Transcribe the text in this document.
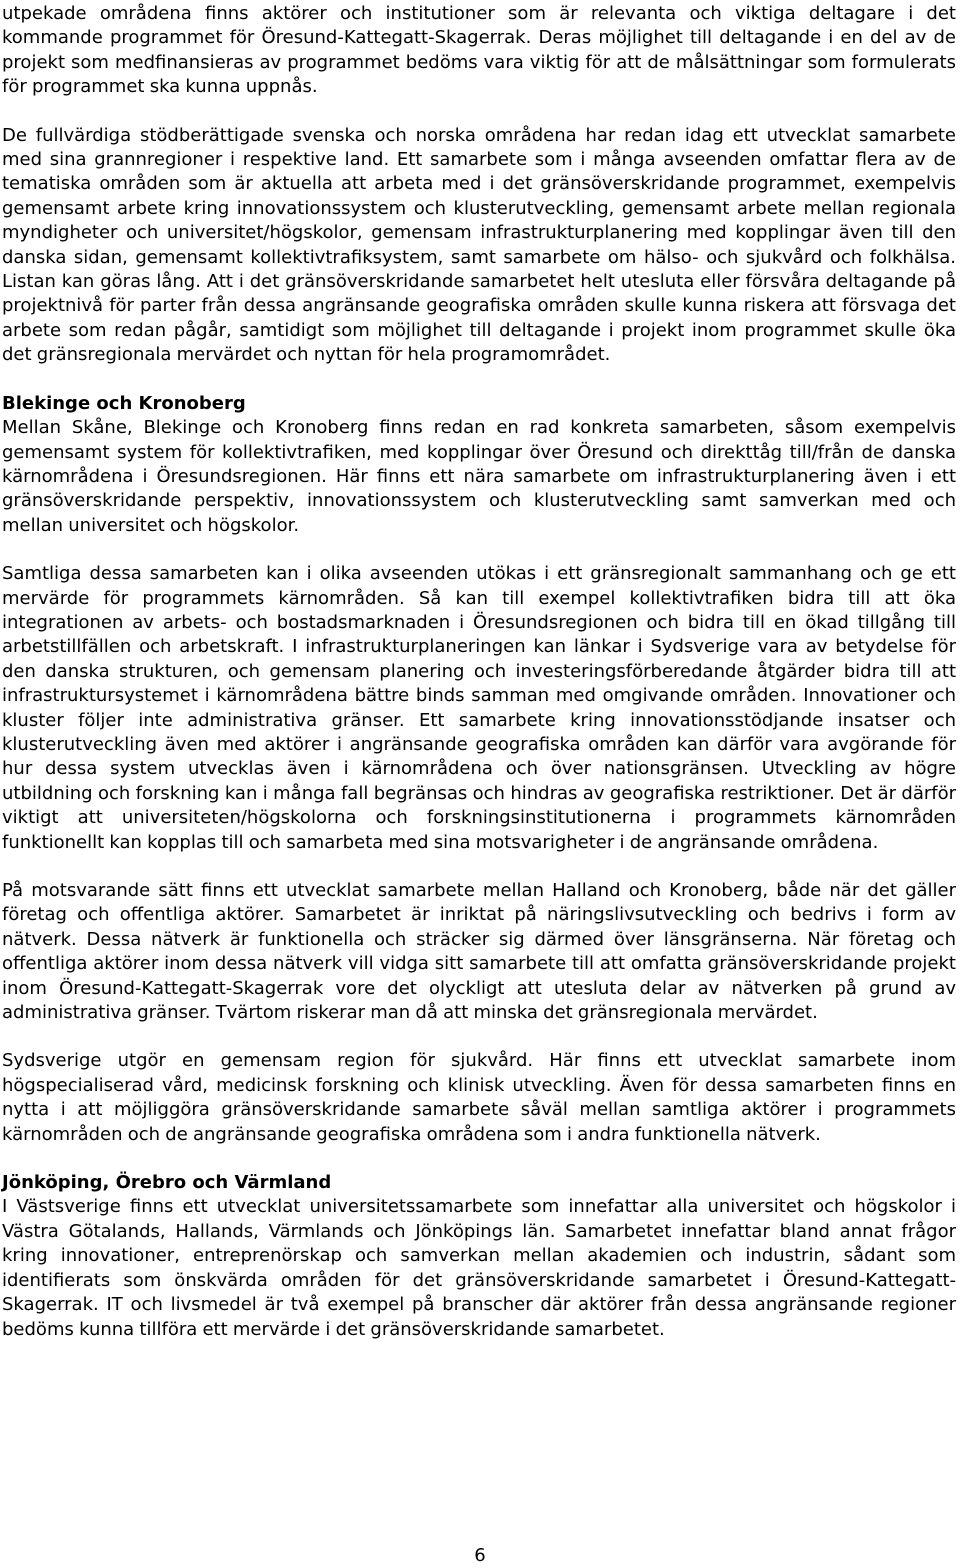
utpekade områdena finns aktörer och institutioner som är relevanta och viktiga deltagare i det kommande programmet för Öresund-Kattegatt-Skagerrak. Deras möjlighet till deltagande i en del av de projekt som medfinansieras av programmet bedöms vara viktig för att de målsättningar som formulerats för programmet ska kunna uppnås.

De fullvärdiga stödberättigade svenska och norska områdena har redan idag ett utvecklat samarbete med sina grannregioner i respektive land. Ett samarbete som i många avseenden omfattar flera av de tematiska områden som är aktuella att arbeta med i det gränsöverskridande programmet, exempelvis gemensamt arbete kring innovationssystem och klusterutveckling, gemensamt arbete mellan regionala myndigheter och universitet/högskolor, gemensam infrastrukturplanering med kopplingar även till den danska sidan, gemensamt kollektivtrafiksystem, samt samarbete om hälso- och sjukvård och folkhälsa. Listan kan göras lång. Att i det gränsöverskridande samarbetet helt utesluta eller försvåra deltagande på projektnivå för parter från dessa angränsande geografiska områden skulle kunna riskera att försvaga det arbete som redan pågår, samtidigt som möjlighet till deltagande i projekt inom programmet skulle öka det gränsregionala mervärdet och nyttan för hela programområdet.

Blekinge och Kronoberg

Mellan Skåne, Blekinge och Kronoberg finns redan en rad konkreta samarbeten, såsom exempelvis gemensamt system för kollektivtrafiken, med kopplingar över Öresund och direkttåg till/från de danska kärnområdena i Öresundsregionen. Här finns ett nära samarbete om infrastrukturplanering även i ett gränsöverskridande perspektiv, innovationssystem och klusterutveckling samt samverkan med och mellan universitet och högskolor.

Samtliga dessa samarbeten kan i olika avseenden utökas i ett gränsregionalt sammanhang och ge ett mervärde för programmets kärnområden. Så kan till exempel kollektivtrafiken bidra till att öka integrationen av arbets- och bostadsmarknaden i Öresundsregionen och bidra till en ökad tillgång till arbetstillfällen och arbetskraft. I infrastrukturplaneringen kan länkar i Sydsverige vara av betydelse för den danska strukturen, och gemensam planering och investeringsförberedande åtgärder bidra till att infrastruktursystemet i kärnområdena bättre binds samman med omgivande områden. Innovationer och kluster följer inte administrativa gränser. Ett samarbete kring innovationsstödjande insatser och klusterutveckling även med aktörer i angränsande geografiska områden kan därför vara avgörande för hur dessa system utvecklas även i kärnområdena och över nationsgränsen. Utveckling av högre utbildning och forskning kan i många fall begränsas och hindras av geografiska restriktioner. Det är därför viktigt att universiteten/högskolorna och forskningsinstitutionerna i programmets kärnområden funktionellt kan kopplas till och samarbeta med sina motsvarigheter i de angränsande områdena.

På motsvarande sätt finns ett utvecklat samarbete mellan Halland och Kronoberg, både när det gäller företag och offentliga aktörer. Samarbetet är inriktat på näringslivsutveckling och bedrivs i form av nätverk. Dessa nätverk är funktionella och sträcker sig därmed över länsgränserna. När företag och offentliga aktörer inom dessa nätverk vill vidga sitt samarbete till att omfatta gränsöverskridande projekt inom Öresund-Kattegatt-Skagerrak vore det olyckligt att utesluta delar av nätverken på grund av administrativa gränser. Tvärtom riskerar man då att minska det gränsregionala mervärdet.

Sydsverige utgör en gemensam region för sjukvård. Här finns ett utvecklat samarbete inom högspecialiserad vård, medicinsk forskning och klinisk utveckling. Även för dessa samarbeten finns en nytta i att möjliggöra gränsöverskridande samarbete såväl mellan samtliga aktörer i programmets kärnområden och de angränsande geografiska områdena som i andra funktionella nätverk.

Jönköping, Örebro och Värmland

I Västsverige finns ett utvecklat universitetssamarbete som innefattar alla universitet och högskolor i Västra Götalands, Hallands, Värmlands och Jönköpings län. Samarbetet innefattar bland annat frågor kring innovationer, entreprenörskap och samverkan mellan akademien och industrin, sådant som identifierats som önskvärda områden för det gränsöverskridande samarbetet i Öresund-Kattegatt-Skagerrak. IT och livsmedel är två exempel på branscher där aktörer från dessa angränsande regioner bedöms kunna tillföra ett mervärde i det gränsöverskridande samarbetet.

6
